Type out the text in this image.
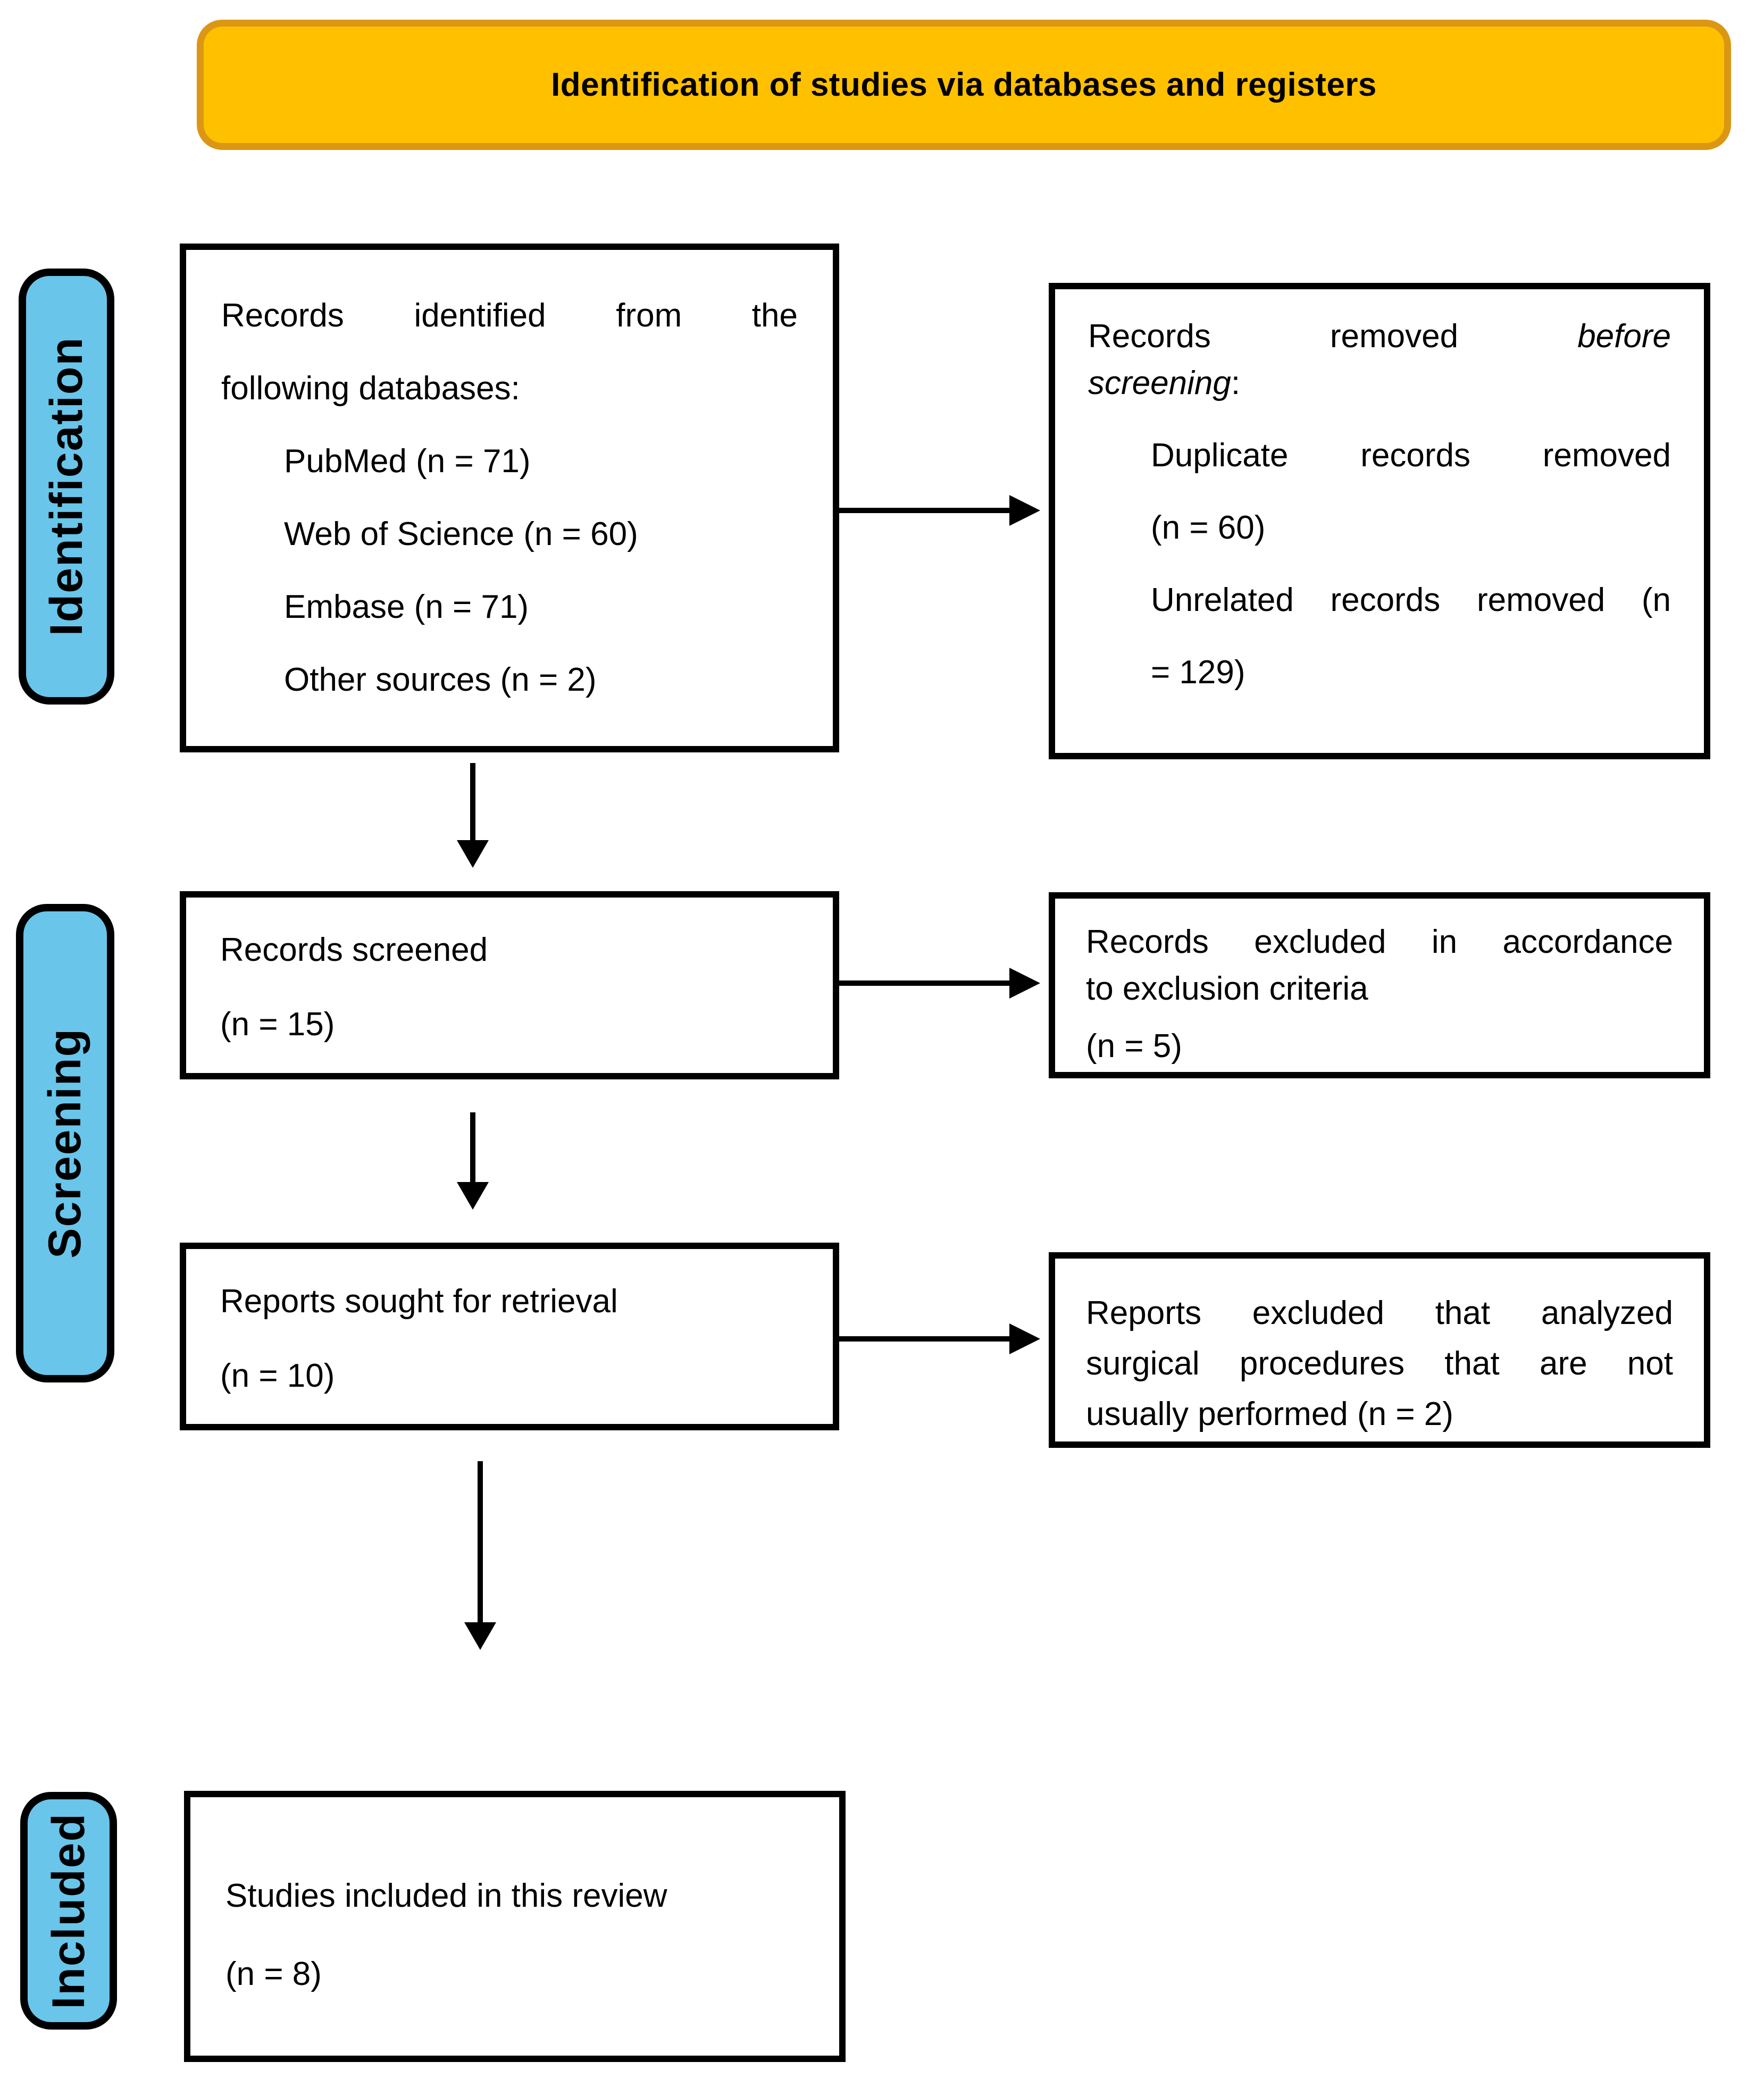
Identification of studies via databases and registers
Identification
Screening
Included
Records identified from the
following databases:
PubMed (n = 71)
Web of Science (n = 60)
Embase (n = 71)
Other sources (n = 2)
Records removed before
screening:
Duplicate records removed
(n = 60)
Unrelated records removed (n
= 129)
Records screened
(n = 15)
Records excluded in accordance
to exclusion criteria
(n = 5)
Reports sought for retrieval
(n = 10)
Reports excluded that analyzed
surgical procedures that are not
usually performed (n = 2)
Studies included in this review
(n = 8)
